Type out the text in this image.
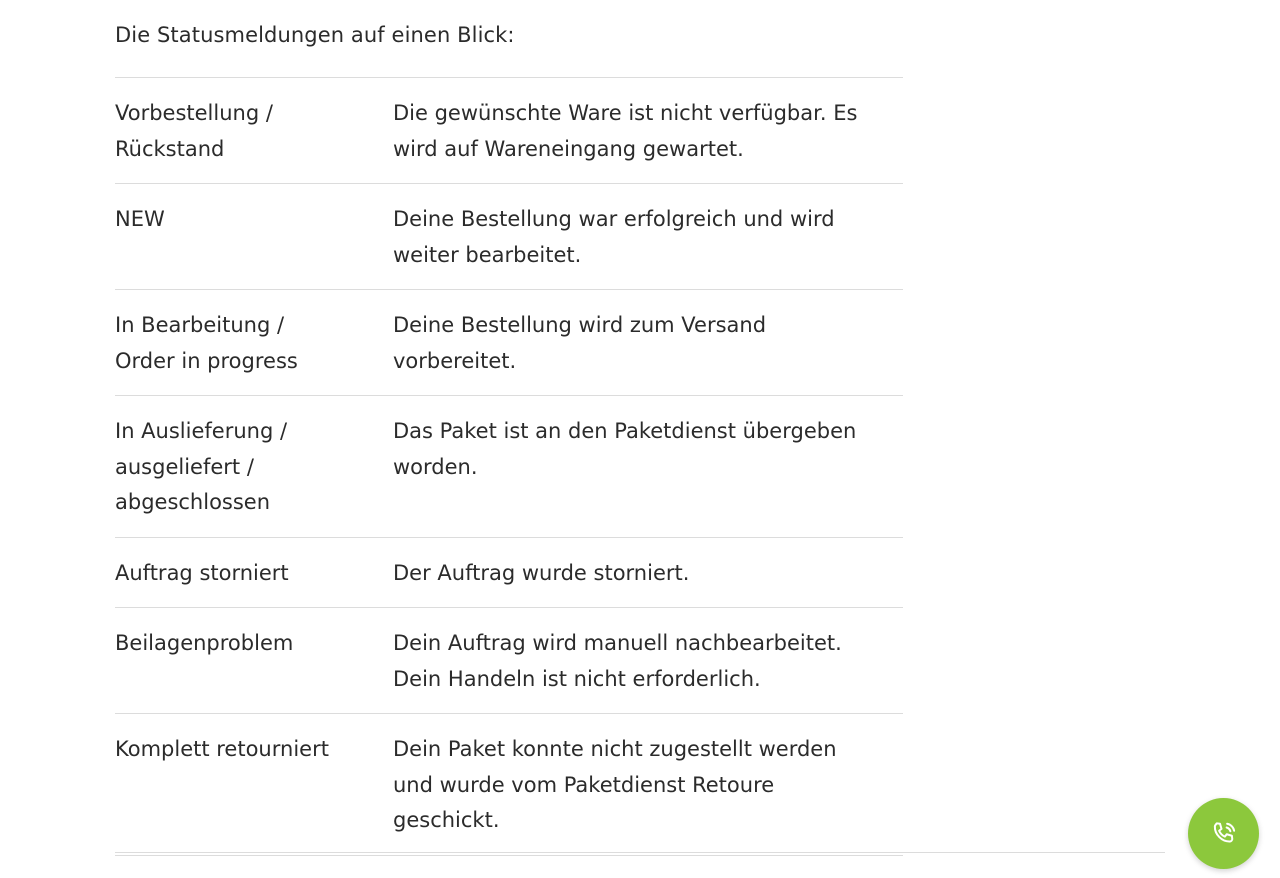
Die Statusmeldungen auf einen Blick:

Vorbestellung / Rückstand	Die gewünschte Ware ist nicht verfügbar. Es wird auf Wareneingang gewartet.

NEW	Deine Bestellung war erfolgreich und wird weiter bearbeitet.

In Bearbeitung / Order in progress	Deine Bestellung wird zum Versand vorbereitet.

In Auslieferung / ausgeliefert / abgeschlossen	Das Paket ist an den Paketdienst übergeben worden.

Auftrag storniert	Der Auftrag wurde storniert.

Beilagenproblem	Dein Auftrag wird manuell nachbearbeitet. Dein Handeln ist nicht erforderlich.

Komplett retourniert	Dein Paket konnte nicht zugestellt werden und wurde vom Paketdienst Retoure geschickt.
